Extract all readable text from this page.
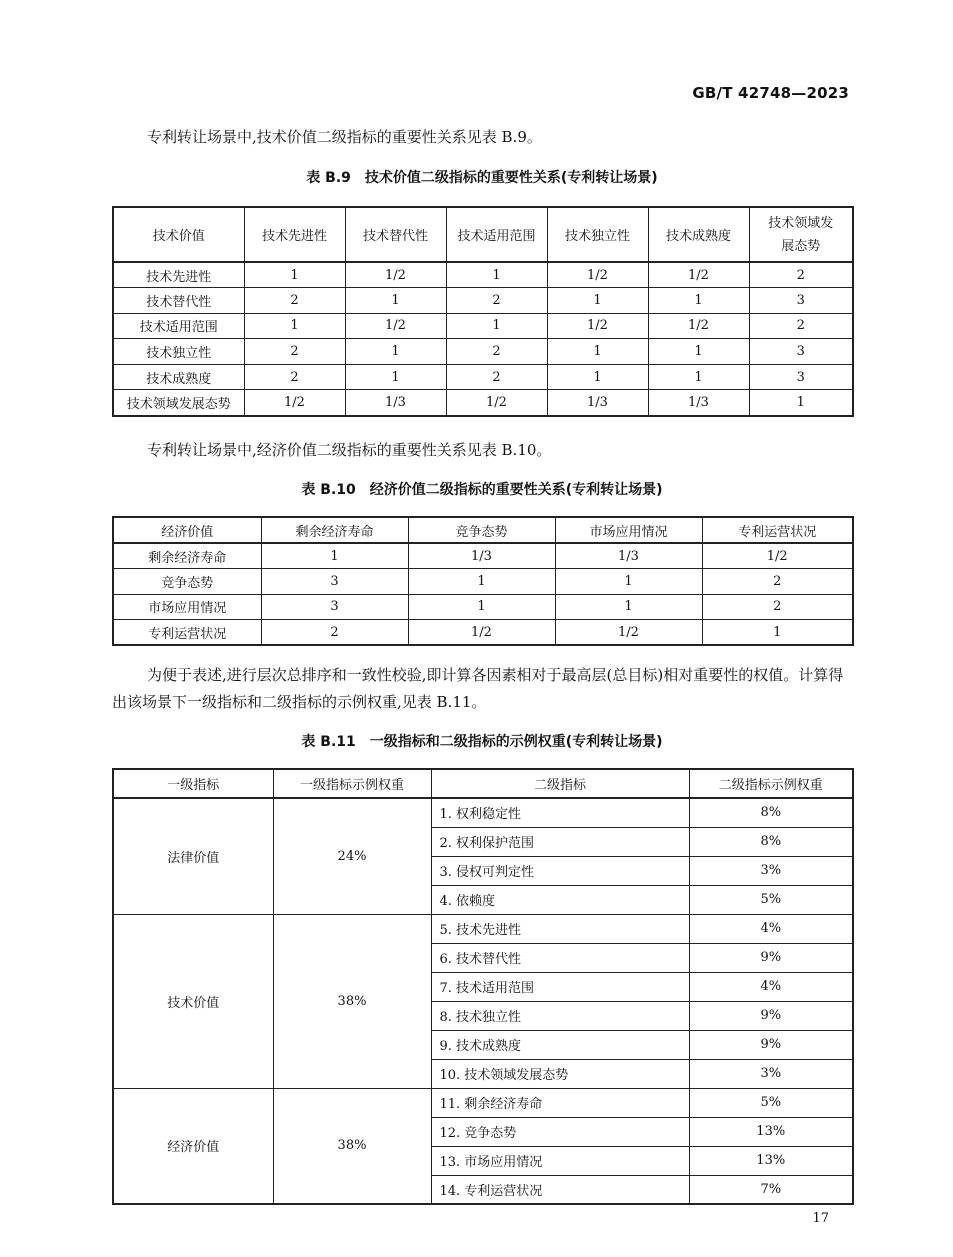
GB/T 42748—2023

专利转让场景中,技术价值二级指标的重要性关系见表 B.9。

表 B.9　技术价值二级指标的重要性关系(专利转让场景)

技术价值	技术先进性	技术替代性	技术适用范围	技术独立性	技术成熟度	技术领域发展态势
技术先进性	1	1/2	1	1/2	1/2	2
技术替代性	2	1	2	1	1	3
技术适用范围	1	1/2	1	1/2	1/2	2
技术独立性	2	1	2	1	1	3
技术成熟度	2	1	2	1	1	3
技术领域发展态势	1/2	1/3	1/2	1/3	1/3	1

专利转让场景中,经济价值二级指标的重要性关系见表 B.10。

表 B.10　经济价值二级指标的重要性关系(专利转让场景)

经济价值	剩余经济寿命	竞争态势	市场应用情况	专利运营状况
剩余经济寿命	1	1/3	1/3	1/2
竞争态势	3	1	1	2
市场应用情况	3	1	1	2
专利运营状况	2	1/2	1/2	1

为便于表述,进行层次总排序和一致性校验,即计算各因素相对于最高层(总目标)相对重要性的权值。计算得出该场景下一级指标和二级指标的示例权重,见表 B.11。

表 B.11　一级指标和二级指标的示例权重(专利转让场景)

一级指标	一级指标示例权重	二级指标	二级指标示例权重
法律价值	24%	1. 权利稳定性	8%
		2. 权利保护范围	8%
		3. 侵权可判定性	3%
		4. 依赖度	5%
技术价值	38%	5. 技术先进性	4%
		6. 技术替代性	9%
		7. 技术适用范围	4%
		8. 技术独立性	9%
		9. 技术成熟度	9%
		10. 技术领域发展态势	3%
经济价值	38%	11. 剩余经济寿命	5%
		12. 竞争态势	13%
		13. 市场应用情况	13%
		14. 专利运营状况	7%
17
